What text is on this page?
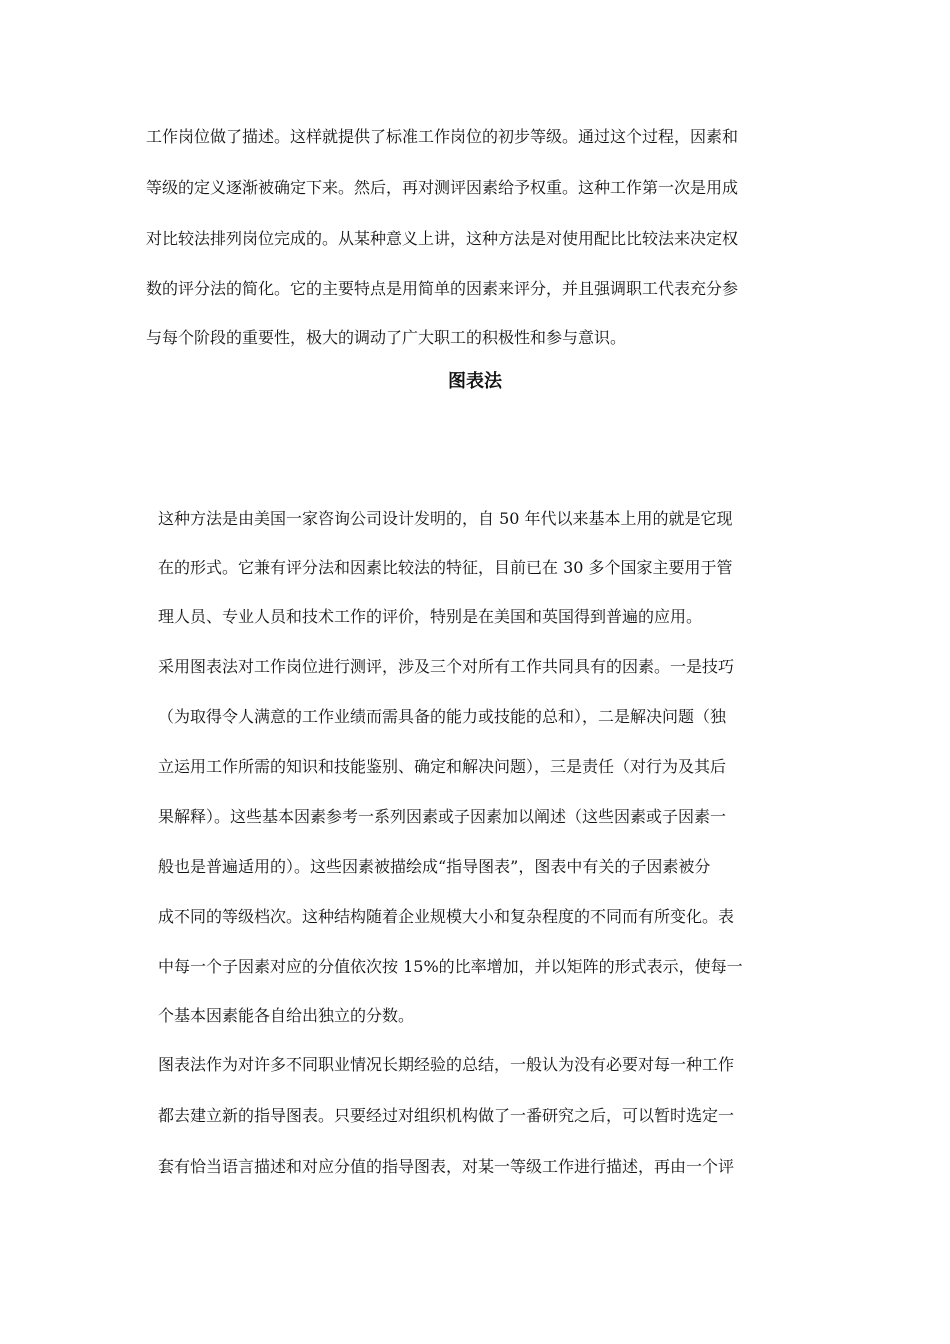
工作岗位做了描述。这样就提供了标准工作岗位的初步等级。通过这个过程，因素和

等级的定义逐渐被确定下来。然后，再对测评因素给予权重。这种工作第一次是用成

对比较法排列岗位完成的。从某种意义上讲，这种方法是对使用配比比较法来决定权

数的评分法的简化。它的主要特点是用简单的因素来评分，并且强调职工代表充分参

与每个阶段的重要性，极大的调动了广大职工的积极性和参与意识。

图表法

这种方法是由美国一家咨询公司设计发明的，自 50 年代以来基本上用的就是它现

在的形式。它兼有评分法和因素比较法的特征，目前已在 30 多个国家主要用于管

理人员、专业人员和技术工作的评价，特别是在美国和英国得到普遍的应用。

采用图表法对工作岗位进行测评，涉及三个对所有工作共同具有的因素。一是技巧

（为取得令人满意的工作业绩而需具备的能力或技能的总和），二是解决问题（独

立运用工作所需的知识和技能鉴别、确定和解决问题），三是责任（对行为及其后

果解释）。这些基本因素参考一系列因素或子因素加以阐述（这些因素或子因素一

般也是普遍适用的）。这些因素被描绘成“指导图表”，图表中有关的子因素被分

成不同的等级档次。这种结构随着企业规模大小和复杂程度的不同而有所变化。表

中每一个子因素对应的分值依次按 15%的比率增加，并以矩阵的形式表示，使每一

个基本因素能各自给出独立的分数。

图表法作为对许多不同职业情况长期经验的总结，一般认为没有必要对每一种工作

都去建立新的指导图表。只要经过对组织机构做了一番研究之后，可以暂时选定一

套有恰当语言描述和对应分值的指导图表，对某一等级工作进行描述，再由一个评
